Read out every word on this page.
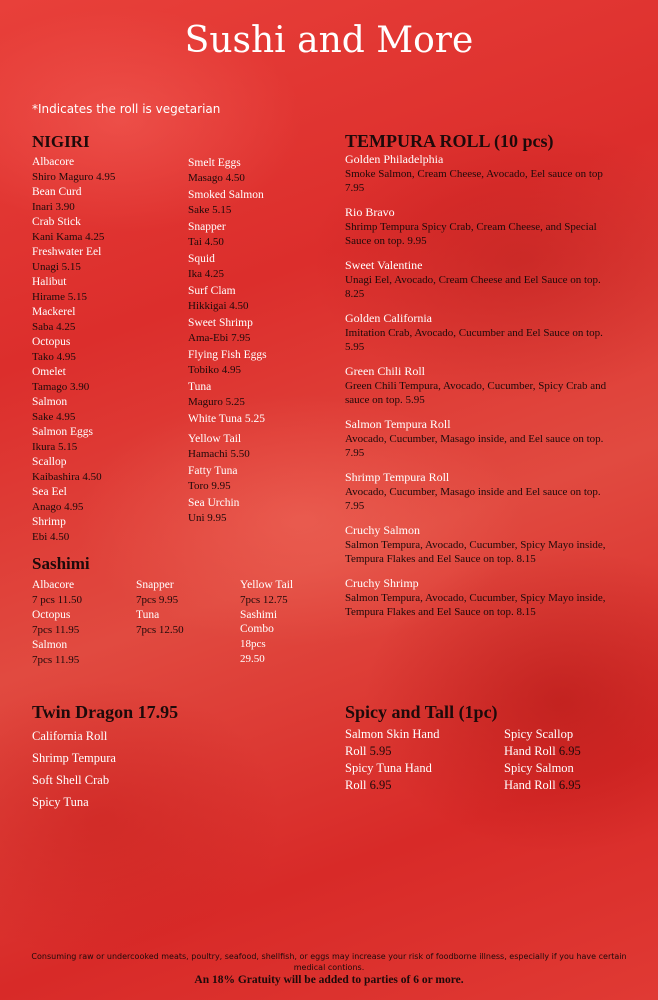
Sushi and More
*Indicates the roll is vegetarian
NIGIRI
Albacore
Shiro Maguro 4.95
Bean Curd
Inari 3.90
Crab Stick
Kani Kama 4.25
Freshwater Eel
Unagi 5.15
Halibut
Hirame 5.15
Mackerel
Saba 4.25
Octopus
Tako 4.95
Omelet
Tamago 3.90
Salmon
Sake 4.95
Salmon Eggs
Ikura 5.15
Scallop
Kaibashira 4.50
Sea Eel
Anago 4.95
Shrimp
Ebi 4.50
Smelt Eggs
Masago 4.50
Smoked Salmon
Sake 5.15
Snapper
Tai 4.50
Squid
Ika 4.25
Surf Clam
Hikkigai 4.50
Sweet Shrimp
Ama-Ebi 7.95
Flying Fish Eggs
Tobiko 4.95
Tuna
Maguro 5.25
White Tuna 5.25
Yellow Tail
Hamachi 5.50
Fatty Tuna
Toro 9.95
Sea Urchin
Uni 9.95
Sashimi
Albacore
7 pcs 11.50
Octopus
7pcs 11.95
Salmon
7pcs 11.95
Snapper
7pcs 9.95
Tuna
7pcs 12.50
Yellow Tail
7pcs 12.75
Sashimi
Combo
18pcs
29.50
TEMPURA ROLL (10 pcs)
Golden Philadelphia
Smoke Salmon, Cream Cheese, Avocado, Eel sauce on top 7.95
Rio Bravo
Shrimp Tempura Spicy Crab, Cream Cheese, and Special Sauce on top. 9.95
Sweet Valentine
Unagi Eel, Avocado, Cream Cheese and Eel Sauce on top. 8.25
Golden California
Imitation Crab, Avocado, Cucumber and Eel Sauce on top. 5.95
Green Chili Roll
Green Chili Tempura, Avocado, Cucumber, Spicy Crab and sauce on top. 5.95
Salmon Tempura Roll
Avocado, Cucumber, Masago inside, and Eel sauce on top. 7.95
Shrimp Tempura Roll
Avocado, Cucumber, Masago inside and Eel sauce on top. 7.95
Cruchy Salmon
Salmon Tempura, Avocado, Cucumber, Spicy Mayo inside, Tempura Flakes and Eel Sauce on top. 8.15
Cruchy Shrimp
Salmon Tempura, Avocado, Cucumber, Spicy Mayo inside, Tempura Flakes and Eel Sauce on top. 8.15
Twin Dragon 17.95
California Roll
Shrimp Tempura
Soft Shell Crab
Spicy Tuna
Spicy and Tall (1pc)
Salmon Skin Hand
Roll 5.95
Spicy Tuna Hand
Roll 6.95
Spicy Scallop
Hand Roll 6.95
Spicy Salmon
Hand Roll 6.95
Consuming raw or undercooked meats, poultry, seafood, shellfish, or eggs may increase your risk of foodborne illness, especially if you have certain medical contions.
An 18% Gratuity will be added to parties of 6 or more.
